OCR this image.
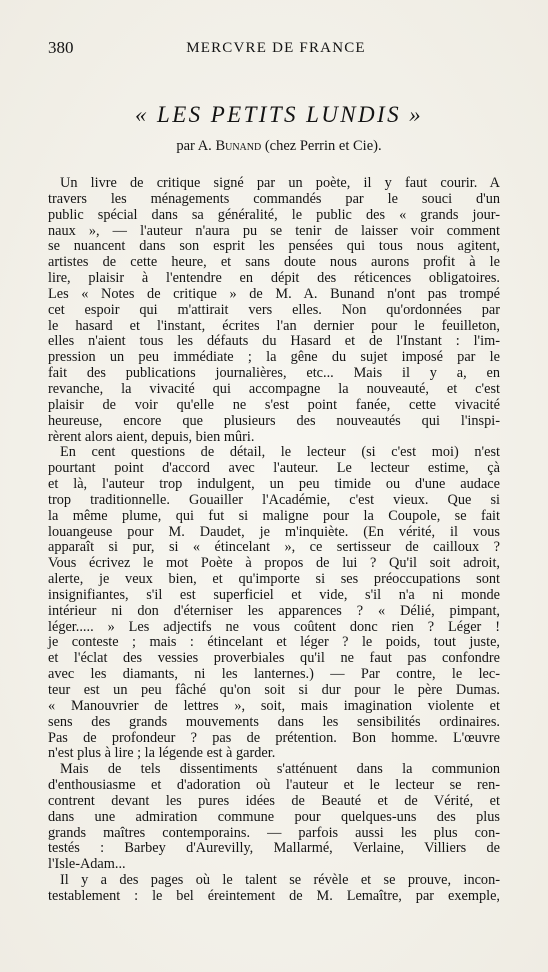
380	MERCVRE DE FRANCE
« LES PETITS LUNDIS »
par A. Bunand (chez Perrin et Cie).
Un livre de critique signé par un poète, il y faut courir. A
travers les ménagements commandés par le souci d'un
public spécial dans sa généralité, le public des « grands jour-
naux », — l'auteur n'aura pu se tenir de laisser voir comment
se nuancent dans son esprit les pensées qui tous nous agitent,
artistes de cette heure, et sans doute nous aurons profit à le
lire, plaisir à l'entendre en dépit des réticences obligatoires.
Les « Notes de critique » de M. A. Bunand n'ont pas trompé
cet espoir qui m'attirait vers elles. Non qu'ordonnées par
le hasard et l'instant, écrites l'an dernier pour le feuilleton,
elles n'aient tous les défauts du Hasard et de l'Instant : l'im-
pression un peu immédiate ; la gêne du sujet imposé par le
fait des publications journalières, etc... Mais il y a, en
revanche, la vivacité qui accompagne la nouveauté, et c'est
plaisir de voir qu'elle ne s'est point fanée, cette vivacité
heureuse, encore que plusieurs des nouveautés qui l'inspi-
rèrent alors aient, depuis, bien mûri.
En cent questions de détail, le lecteur (si c'est moi) n'est
pourtant point d'accord avec l'auteur. Le lecteur estime, çà
et là, l'auteur trop indulgent, un peu timide ou d'une audace
trop traditionnelle. Gouailler l'Académie, c'est vieux. Que si
la même plume, qui fut si maligne pour la Coupole, se fait
louangeuse pour M. Daudet, je m'inquiète. (En vérité, il vous
apparaît si pur, si « étincelant », ce sertisseur de cailloux ?
Vous écrivez le mot Poète à propos de lui ? Qu'il soit adroit,
alerte, je veux bien, et qu'importe si ses préoccupations sont
insignifiantes, s'il est superficiel et vide, s'il n'a ni monde
intérieur ni don d'éterniser les apparences ? « Délié, pimpant,
léger..... » Les adjectifs ne vous coûtent donc rien ? Léger !
je conteste ; mais : étincelant et léger ? le poids, tout juste,
et l'éclat des vessies proverbiales qu'il ne faut pas confondre
avec les diamants, ni les lanternes.) — Par contre, le lec-
teur est un peu fâché qu'on soit si dur pour le père Dumas.
« Manouvrier de lettres », soit, mais imagination violente et
sens des grands mouvements dans les sensibilités ordinaires.
Pas de profondeur ? pas de prétention. Bon homme. L'œuvre
n'est plus à lire ; la légende est à garder.
Mais de tels dissentiments s'atténuent dans la communion
d'enthousiasme et d'adoration où l'auteur et le lecteur se ren-
contrent devant les pures idées de Beauté et de Vérité, et
dans une admiration commune pour quelques-uns des plus
grands maîtres contemporains. — parfois aussi les plus con-
testés : Barbey d'Aurevilly, Mallarmé, Verlaine, Villiers de
l'Isle-Adam...
Il y a des pages où le talent se révèle et se prouve, incon-
testablement : le bel éreintement de M. Lemaître, par exemple,
